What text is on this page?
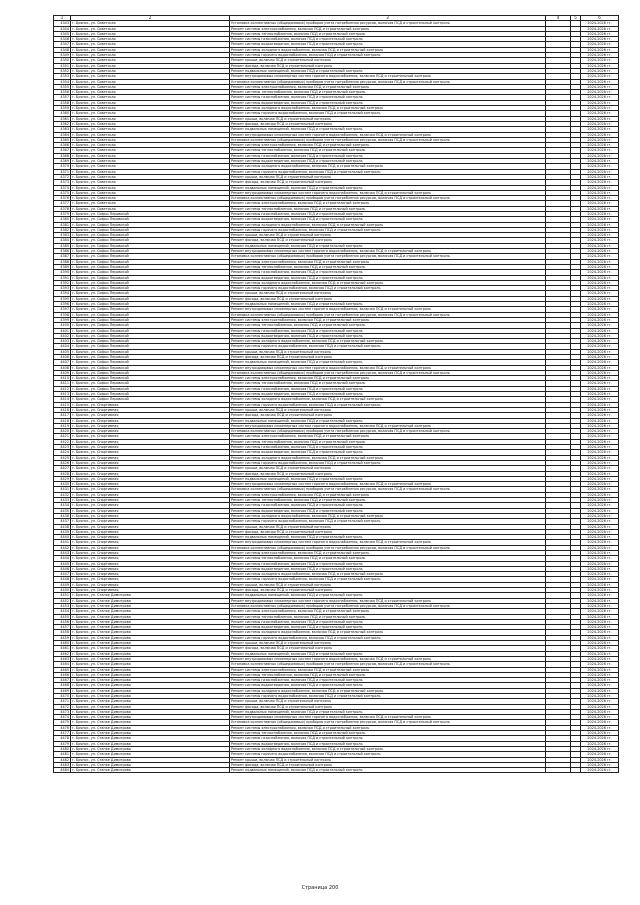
1	2	3	4	5	6
4343	г. Брянск, ул. Советская	Установка коллективных (общедомовых) приборов учета потребления ресурсов, включая ПСД и строительный контроль			2024-2026 гг.
4344	г. Брянск, ул. Советская	Ремонт системы электроснабжения, включая ПСД и строительный контроль			2024-2026 гг.
4345	г. Брянск, ул. Советская	Ремонт системы теплоснабжения, включая ПСД и строительный контроль			2024-2026 гг.
4346	г. Брянск, ул. Советская	Ремонт системы газоснабжения, включая ПСД и строительный контроль			2024-2026 гг.
4347	г. Брянск, ул. Советская	Ремонт системы водоотведения, включая ПСД и строительный контроль			2024-2026 гг.
4348	г. Брянск, ул. Советская	Ремонт системы холодного водоснабжения, включая ПСД и строительный контроль			2024-2026 гг.
4349	г. Брянск, ул. Советская	Ремонт системы горячего водоснабжения, включая ПСД и строительный контроль			2024-2026 гг.
4350	г. Брянск, ул. Советская	Ремонт крыши, включая ПСД и строительный контроль			2024-2026 гг.
4351	г. Брянск, ул. Советская	Ремонт фасада, включая ПСД и строительный контроль			2024-2026 гг.
4352	г. Брянск, ул. Советская	Ремонт подвальных помещений, включая ПСД и строительный контроль			2024-2026 гг.
4353	г. Брянск, ул. Советская	Ремонт внутридомовых инженерных систем горячего водоснабжения, включая ПСД и строительный контроль			2024-2026 гг.
4354	г. Брянск, ул. Советская	Установка коллективных (общедомовых) приборов учета потребления ресурсов, включая ПСД и строительный контроль			2024-2026 гг.
4355	г. Брянск, ул. Советская	Ремонт системы электроснабжения, включая ПСД и строительный контроль			2024-2026 гг.
4356	г. Брянск, ул. Советская	Ремонт системы теплоснабжения, включая ПСД и строительный контроль			2024-2026 гг.
4357	г. Брянск, ул. Советская	Ремонт системы газоснабжения, включая ПСД и строительный контроль			2024-2026 гг.
4358	г. Брянск, ул. Советская	Ремонт системы водоотведения, включая ПСД и строительный контроль			2024-2026 гг.
4359	г. Брянск, ул. Советская	Ремонт системы холодного водоснабжения, включая ПСД и строительный контроль			2024-2026 гг.
4360	г. Брянск, ул. Советская	Ремонт системы горячего водоснабжения, включая ПСД и строительный контроль			2024-2026 гг.
4361	г. Брянск, ул. Советская	Ремонт крыши, включая ПСД и строительный контроль			2024-2026 гг.
4362	г. Брянск, ул. Советская	Ремонт фасада, включая ПСД и строительный контроль			2024-2026 гг.
4363	г. Брянск, ул. Советская	Ремонт подвальных помещений, включая ПСД и строительный контроль			2024-2026 гг.
4364	г. Брянск, ул. Советская	Ремонт внутридомовых инженерных систем горячего водоснабжения, включая ПСД и строительный контроль			2024-2026 гг.
4365	г. Брянск, ул. Советская	Установка коллективных (общедомовых) приборов учета потребления ресурсов, включая ПСД и строительный контроль			2024-2026 гг.
4366	г. Брянск, ул. Советская	Ремонт системы электроснабжения, включая ПСД и строительный контроль			2024-2026 гг.
4367	г. Брянск, ул. Советская	Ремонт системы теплоснабжения, включая ПСД и строительный контроль			2024-2026 гг.
4368	г. Брянск, ул. Советская	Ремонт системы газоснабжения, включая ПСД и строительный контроль			2024-2026 гг.
4369	г. Брянск, ул. Советская	Ремонт системы водоотведения, включая ПСД и строительный контроль			2024-2026 гг.
4370	г. Брянск, ул. Советская	Ремонт системы холодного водоснабжения, включая ПСД и строительный контроль			2024-2026 гг.
4371	г. Брянск, ул. Советская	Ремонт системы горячего водоснабжения, включая ПСД и строительный контроль			2024-2026 гг.
4372	г. Брянск, ул. Советская	Ремонт крыши, включая ПСД и строительный контроль			2024-2026 гг.
4373	г. Брянск, ул. Советская	Ремонт фасада, включая ПСД и строительный контроль			2024-2026 гг.
4374	г. Брянск, ул. Советская	Ремонт подвальных помещений, включая ПСД и строительный контроль			2024-2026 гг.
4375	г. Брянск, ул. Советская	Ремонт внутридомовых инженерных систем горячего водоснабжения, включая ПСД и строительный контроль			2024-2026 гг.
4376	г. Брянск, ул. Советская	Установка коллективных (общедомовых) приборов учета потребления ресурсов, включая ПСД и строительный контроль			2024-2026 гг.
4377	г. Брянск, ул. Советская	Ремонт системы электроснабжения, включая ПСД и строительный контроль			2024-2026 гг.
4378	г. Брянск, ул. Советская	Ремонт системы теплоснабжения, включая ПСД и строительный контроль			2024-2026 гг.
4379	г. Брянск, ул. Софьи Перовской	Ремонт системы газоснабжения, включая ПСД и строительный контроль			2024-2026 гг.
4380	г. Брянск, ул. Софьи Перовской	Ремонт системы водоотведения, включая ПСД и строительный контроль			2024-2026 гг.
4381	г. Брянск, ул. Софьи Перовской	Ремонт системы холодного водоснабжения, включая ПСД и строительный контроль			2024-2026 гг.
4382	г. Брянск, ул. Софьи Перовской	Ремонт системы горячего водоснабжения, включая ПСД и строительный контроль			2024-2026 гг.
4383	г. Брянск, ул. Софьи Перовской	Ремонт крыши, включая ПСД и строительный контроль			2024-2026 гг.
4384	г. Брянск, ул. Софьи Перовской	Ремонт фасада, включая ПСД и строительный контроль			2024-2026 гг.
4385	г. Брянск, ул. Софьи Перовской	Ремонт подвальных помещений, включая ПСД и строительный контроль			2024-2026 гг.
4386	г. Брянск, ул. Софьи Перовской	Ремонт внутридомовых инженерных систем горячего водоснабжения, включая ПСД и строительный контроль			2024-2026 гг.
4387	г. Брянск, ул. Софьи Перовской	Установка коллективных (общедомовых) приборов учета потребления ресурсов, включая ПСД и строительный контроль			2024-2026 гг.
4388	г. Брянск, ул. Софьи Перовской	Ремонт системы электроснабжения, включая ПСД и строительный контроль			2024-2026 гг.
4389	г. Брянск, ул. Софьи Перовской	Ремонт системы теплоснабжения, включая ПСД и строительный контроль			2024-2026 гг.
4390	г. Брянск, ул. Софьи Перовской	Ремонт системы газоснабжения, включая ПСД и строительный контроль			2024-2026 гг.
4391	г. Брянск, ул. Софьи Перовской	Ремонт системы водоотведения, включая ПСД и строительный контроль			2024-2026 гг.
4392	г. Брянск, ул. Софьи Перовской	Ремонт системы холодного водоснабжения, включая ПСД и строительный контроль			2024-2026 гг.
4393	г. Брянск, ул. Софьи Перовской	Ремонт системы горячего водоснабжения, включая ПСД и строительный контроль			2024-2026 гг.
4394	г. Брянск, ул. Софьи Перовской	Ремонт крыши, включая ПСД и строительный контроль			2024-2026 гг.
4395	г. Брянск, ул. Софьи Перовской	Ремонт фасада, включая ПСД и строительный контроль			2024-2026 гг.
4396	г. Брянск, ул. Софьи Перовской	Ремонт подвальных помещений, включая ПСД и строительный контроль			2024-2026 гг.
4397	г. Брянск, ул. Софьи Перовской	Ремонт внутридомовых инженерных систем горячего водоснабжения, включая ПСД и строительный контроль			2024-2026 гг.
4398	г. Брянск, ул. Софьи Перовской	Установка коллективных (общедомовых) приборов учета потребления ресурсов, включая ПСД и строительный контроль			2024-2026 гг.
4399	г. Брянск, ул. Софьи Перовской	Ремонт системы электроснабжения, включая ПСД и строительный контроль			2024-2026 гг.
4400	г. Брянск, ул. Софьи Перовской	Ремонт системы теплоснабжения, включая ПСД и строительный контроль			2024-2026 гг.
4401	г. Брянск, ул. Софьи Перовской	Ремонт системы газоснабжения, включая ПСД и строительный контроль			2024-2026 гг.
4402	г. Брянск, ул. Софьи Перовской	Ремонт системы водоотведения, включая ПСД и строительный контроль			2024-2026 гг.
4403	г. Брянск, ул. Софьи Перовской	Ремонт системы холодного водоснабжения, включая ПСД и строительный контроль			2024-2026 гг.
4404	г. Брянск, ул. Софьи Перовской	Ремонт системы горячего водоснабжения, включая ПСД и строительный контроль			2024-2026 гг.
4405	г. Брянск, ул. Софьи Перовской	Ремонт крыши, включая ПСД и строительный контроль			2024-2026 гг.
4406	г. Брянск, ул. Софьи Перовской	Ремонт фасада, включая ПСД и строительный контроль			2024-2026 гг.
4407	г. Брянск, ул. Софьи Перовской	Ремонт подвальных помещений, включая ПСД и строительный контроль			2024-2026 гг.
4408	г. Брянск, ул. Софьи Перовской	Ремонт внутридомовых инженерных систем горячего водоснабжения, включая ПСД и строительный контроль			2024-2026 гг.
4409	г. Брянск, ул. Софьи Перовской	Установка коллективных (общедомовых) приборов учета потребления ресурсов, включая ПСД и строительный контроль			2024-2026 гг.
4410	г. Брянск, ул. Софьи Перовской	Ремонт системы электроснабжения, включая ПСД и строительный контроль			2024-2026 гг.
4411	г. Брянск, ул. Софьи Перовской	Ремонт системы теплоснабжения, включая ПСД и строительный контроль			2024-2026 гг.
4412	г. Брянск, ул. Софьи Перовской	Ремонт системы газоснабжения, включая ПСД и строительный контроль			2024-2026 гг.
4413	г. Брянск, ул. Софьи Перовской	Ремонт системы водоотведения, включая ПСД и строительный контроль			2024-2026 гг.
4414	г. Брянск, ул. Софьи Перовской	Ремонт системы холодного водоснабжения, включая ПСД и строительный контроль			2024-2026 гг.
4415	г. Брянск, ул. Спортивная	Ремонт системы горячего водоснабжения, включая ПСД и строительный контроль			2024-2026 гг.
4416	г. Брянск, ул. Спортивная	Ремонт крыши, включая ПСД и строительный контроль			2024-2026 гг.
4417	г. Брянск, ул. Спортивная	Ремонт фасада, включая ПСД и строительный контроль			2024-2026 гг.
4418	г. Брянск, ул. Спортивная	Ремонт подвальных помещений, включая ПСД и строительный контроль			2024-2026 гг.
4419	г. Брянск, ул. Спортивная	Ремонт внутридомовых инженерных систем горячего водоснабжения, включая ПСД и строительный контроль			2024-2026 гг.
4420	г. Брянск, ул. Спортивная	Установка коллективных (общедомовых) приборов учета потребления ресурсов, включая ПСД и строительный контроль			2024-2026 гг.
4421	г. Брянск, ул. Спортивная	Ремонт системы электроснабжения, включая ПСД и строительный контроль			2024-2026 гг.
4422	г. Брянск, ул. Спортивная	Ремонт системы теплоснабжения, включая ПСД и строительный контроль			2024-2026 гг.
4423	г. Брянск, ул. Спортивная	Ремонт системы газоснабжения, включая ПСД и строительный контроль			2024-2026 гг.
4424	г. Брянск, ул. Спортивная	Ремонт системы водоотведения, включая ПСД и строительный контроль			2024-2026 гг.
4425	г. Брянск, ул. Спортивная	Ремонт системы холодного водоснабжения, включая ПСД и строительный контроль			2024-2026 гг.
4426	г. Брянск, ул. Спортивная	Ремонт системы горячего водоснабжения, включая ПСД и строительный контроль			2024-2026 гг.
4427	г. Брянск, ул. Спортивная	Ремонт крыши, включая ПСД и строительный контроль			2024-2026 гг.
4428	г. Брянск, ул. Спортивная	Ремонт фасада, включая ПСД и строительный контроль			2024-2026 гг.
4429	г. Брянск, ул. Спортивная	Ремонт подвальных помещений, включая ПСД и строительный контроль			2024-2026 гг.
4430	г. Брянск, ул. Спортивная	Ремонт внутридомовых инженерных систем горячего водоснабжения, включая ПСД и строительный контроль			2024-2026 гг.
4431	г. Брянск, ул. Спортивная	Установка коллективных (общедомовых) приборов учета потребления ресурсов, включая ПСД и строительный контроль			2024-2026 гг.
4432	г. Брянск, ул. Спортивная	Ремонт системы электроснабжения, включая ПСД и строительный контроль			2024-2026 гг.
4433	г. Брянск, ул. Спортивная	Ремонт системы теплоснабжения, включая ПСД и строительный контроль			2024-2026 гг.
4434	г. Брянск, ул. Спортивная	Ремонт системы газоснабжения, включая ПСД и строительный контроль			2024-2026 гг.
4435	г. Брянск, ул. Спортивная	Ремонт системы водоотведения, включая ПСД и строительный контроль			2024-2026 гг.
4436	г. Брянск, ул. Спортивная	Ремонт системы холодного водоснабжения, включая ПСД и строительный контроль			2024-2026 гг.
4437	г. Брянск, ул. Спортивная	Ремонт системы горячего водоснабжения, включая ПСД и строительный контроль			2024-2026 гг.
4438	г. Брянск, ул. Спортивная	Ремонт крыши, включая ПСД и строительный контроль			2024-2026 гг.
4439	г. Брянск, ул. Спортивная	Ремонт фасада, включая ПСД и строительный контроль			2024-2026 гг.
4440	г. Брянск, ул. Спортивная	Ремонт подвальных помещений, включая ПСД и строительный контроль			2024-2026 гг.
4441	г. Брянск, ул. Спортивная	Ремонт внутридомовых инженерных систем горячего водоснабжения, включая ПСД и строительный контроль			2024-2026 гг.
4442	г. Брянск, ул. Спортивная	Установка коллективных (общедомовых) приборов учета потребления ресурсов, включая ПСД и строительный контроль			2024-2026 гг.
4443	г. Брянск, ул. Спортивная	Ремонт системы электроснабжения, включая ПСД и строительный контроль			2024-2026 гг.
4444	г. Брянск, ул. Спортивная	Ремонт системы теплоснабжения, включая ПСД и строительный контроль			2024-2026 гг.
4445	г. Брянск, ул. Спортивная	Ремонт системы газоснабжения, включая ПСД и строительный контроль			2024-2026 гг.
4446	г. Брянск, ул. Спортивная	Ремонт системы водоотведения, включая ПСД и строительный контроль			2024-2026 гг.
4447	г. Брянск, ул. Спортивная	Ремонт системы холодного водоснабжения, включая ПСД и строительный контроль			2024-2026 гг.
4448	г. Брянск, ул. Спортивная	Ремонт системы горячего водоснабжения, включая ПСД и строительный контроль			2024-2026 гг.
4449	г. Брянск, ул. Спортивная	Ремонт крыши, включая ПСД и строительный контроль			2024-2026 гг.
4450	г. Брянск, ул. Спортивная	Ремонт фасада, включая ПСД и строительный контроль			2024-2026 гг.
4451	г. Брянск, ул. Станке Димитрова	Ремонт подвальных помещений, включая ПСД и строительный контроль			2024-2026 гг.
4452	г. Брянск, ул. Станке Димитрова	Ремонт внутридомовых инженерных систем горячего водоснабжения, включая ПСД и строительный контроль			2024-2026 гг.
4453	г. Брянск, ул. Станке Димитрова	Установка коллективных (общедомовых) приборов учета потребления ресурсов, включая ПСД и строительный контроль			2024-2026 гг.
4454	г. Брянск, ул. Станке Димитрова	Ремонт системы электроснабжения, включая ПСД и строительный контроль			2024-2026 гг.
4455	г. Брянск, ул. Станке Димитрова	Ремонт системы теплоснабжения, включая ПСД и строительный контроль			2024-2026 гг.
4456	г. Брянск, ул. Станке Димитрова	Ремонт системы газоснабжения, включая ПСД и строительный контроль			2024-2026 гг.
4457	г. Брянск, ул. Станке Димитрова	Ремонт системы водоотведения, включая ПСД и строительный контроль			2024-2026 гг.
4458	г. Брянск, ул. Станке Димитрова	Ремонт системы холодного водоснабжения, включая ПСД и строительный контроль			2024-2026 гг.
4459	г. Брянск, ул. Станке Димитрова	Ремонт системы горячего водоснабжения, включая ПСД и строительный контроль			2024-2026 гг.
4460	г. Брянск, ул. Станке Димитрова	Ремонт крыши, включая ПСД и строительный контроль			2024-2026 гг.
4461	г. Брянск, ул. Станке Димитрова	Ремонт фасада, включая ПСД и строительный контроль			2024-2026 гг.
4462	г. Брянск, ул. Станке Димитрова	Ремонт подвальных помещений, включая ПСД и строительный контроль			2024-2026 гг.
4463	г. Брянск, ул. Станке Димитрова	Ремонт внутридомовых инженерных систем горячего водоснабжения, включая ПСД и строительный контроль			2024-2026 гг.
4464	г. Брянск, ул. Станке Димитрова	Установка коллективных (общедомовых) приборов учета потребления ресурсов, включая ПСД и строительный контроль			2024-2026 гг.
4465	г. Брянск, ул. Станке Димитрова	Ремонт системы электроснабжения, включая ПСД и строительный контроль			2024-2026 гг.
4466	г. Брянск, ул. Станке Димитрова	Ремонт системы теплоснабжения, включая ПСД и строительный контроль			2024-2026 гг.
4467	г. Брянск, ул. Станке Димитрова	Ремонт системы газоснабжения, включая ПСД и строительный контроль			2024-2026 гг.
4468	г. Брянск, ул. Станке Димитрова	Ремонт системы водоотведения, включая ПСД и строительный контроль			2024-2026 гг.
4469	г. Брянск, ул. Станке Димитрова	Ремонт системы холодного водоснабжения, включая ПСД и строительный контроль			2024-2026 гг.
4470	г. Брянск, ул. Станке Димитрова	Ремонт системы горячего водоснабжения, включая ПСД и строительный контроль			2024-2026 гг.
4471	г. Брянск, ул. Станке Димитрова	Ремонт крыши, включая ПСД и строительный контроль			2024-2026 гг.
4472	г. Брянск, ул. Станке Димитрова	Ремонт фасада, включая ПСД и строительный контроль			2024-2026 гг.
4473	г. Брянск, ул. Станке Димитрова	Ремонт подвальных помещений, включая ПСД и строительный контроль			2024-2026 гг.
4474	г. Брянск, ул. Станке Димитрова	Ремонт внутридомовых инженерных систем горячего водоснабжения, включая ПСД и строительный контроль			2024-2026 гг.
4475	г. Брянск, ул. Станке Димитрова	Установка коллективных (общедомовых) приборов учета потребления ресурсов, включая ПСД и строительный контроль			2024-2026 гг.
4476	г. Брянск, ул. Станке Димитрова	Ремонт системы электроснабжения, включая ПСД и строительный контроль			2024-2026 гг.
4477	г. Брянск, ул. Станке Димитрова	Ремонт системы теплоснабжения, включая ПСД и строительный контроль			2024-2026 гг.
4478	г. Брянск, ул. Станке Димитрова	Ремонт системы газоснабжения, включая ПСД и строительный контроль			2024-2026 гг.
4479	г. Брянск, ул. Станке Димитрова	Ремонт системы водоотведения, включая ПСД и строительный контроль			2024-2026 гг.
4480	г. Брянск, ул. Станке Димитрова	Ремонт системы холодного водоснабжения, включая ПСД и строительный контроль			2024-2026 гг.
4481	г. Брянск, ул. Станке Димитрова	Ремонт системы горячего водоснабжения, включая ПСД и строительный контроль			2024-2026 гг.
4482	г. Брянск, ул. Станке Димитрова	Ремонт крыши, включая ПСД и строительный контроль			2024-2026 гг.
4483	г. Брянск, ул. Станке Димитрова	Ремонт фасада, включая ПСД и строительный контроль			2024-2026 гг.
4484	г. Брянск, ул. Станке Димитрова	Ремонт подвальных помещений, включая ПСД и строительный контроль			2024-2026 гг.
Страница 200
